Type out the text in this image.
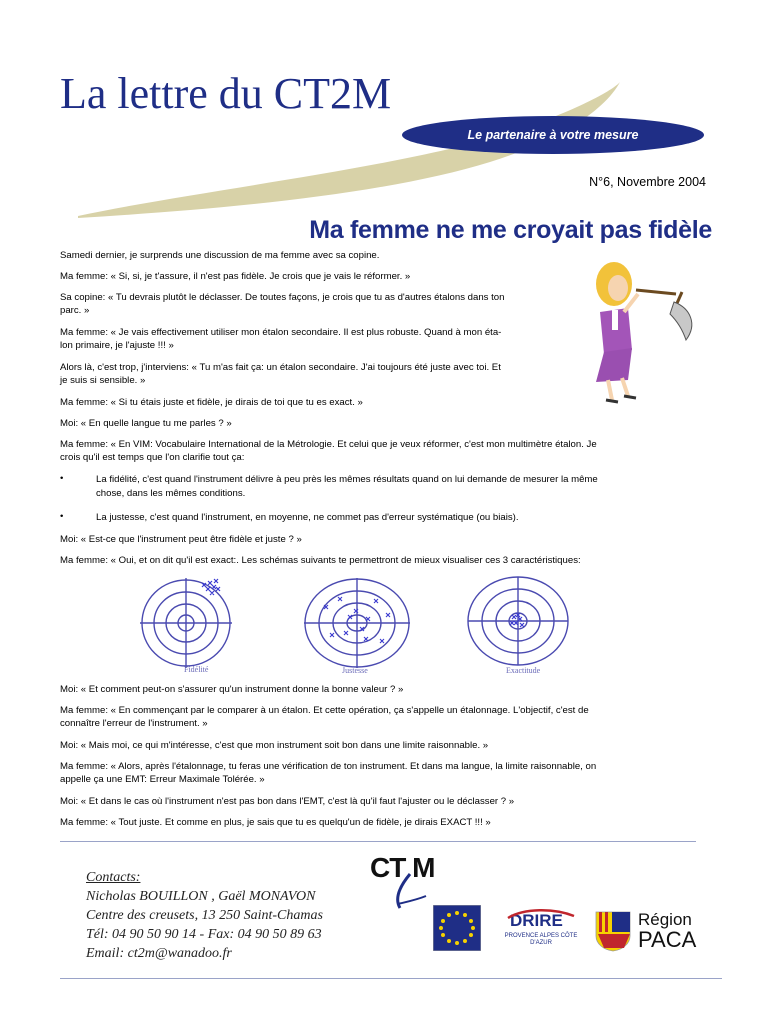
La lettre du CT2M
Le partenaire à votre mesure
N°6, Novembre 2004
Ma femme ne me croyait pas fidèle
Samedi dernier, je surprends une discussion de ma femme avec sa copine.
Ma femme: « Si, si, je t'assure, il n'est pas fidèle. Je crois que je vais le réformer. »
Sa copine: « Tu devrais plutôt le déclasser. De toutes façons, je crois que tu as d'autres étalons dans ton
parc. »
Ma femme: « Je vais effectivement utiliser mon étalon secondaire. Il est plus robuste. Quand à mon éta-
lon primaire, je l'ajuste !!! »
Alors là, c'est trop, j'interviens: « Tu m'as fait ça: un étalon secondaire. J'ai toujours été juste avec toi. Et
je suis si sensible. »
Ma femme: « Si tu étais juste et fidèle, je dirais de toi que tu es exact. »
Moi: « En quelle langue tu me parles ? »
Ma femme: « En VIM: Vocabulaire International de la Métrologie. Et celui que je veux réformer, c'est mon multimètre étalon. Je
crois qu'il est temps que l'on clarifie tout ça:
•	La fidélité, c'est quand l'instrument délivre à peu près les mêmes résultats quand on lui demande de mesurer la même
chose, dans les mêmes conditions.
•	La justesse, c'est quand l'instrument, en moyenne, ne commet pas d'erreur systématique (ou biais).
Moi: « Est-ce que l'instrument peut être fidèle et juste ? »
Ma femme: « Oui, et on dit qu'il est exact:. Les schémas suivants te permettront de mieux visualiser ces 3 caractéristiques:
Fidélité	Justesse	Exactitude
Moi: « Et comment peut-on s'assurer qu'un instrument donne la bonne valeur ? »
Ma femme: « En commençant par le comparer à un étalon. Et cette opération, ça s'appelle un étalonnage. L'objectif, c'est de
connaître l'erreur de l'instrument. »
Moi: « Mais moi, ce qui m'intéresse, c'est que mon instrument soit bon dans une limite raisonnable. »
Ma femme: « Alors, après l'étalonnage, tu feras une vérification de ton instrument. Et dans ma langue, la limite raisonnable, on
appelle ça une EMT: Erreur Maximale Tolérée. »
Moi: « Et dans le cas où l'instrument n'est pas bon dans l'EMT, c'est là qu'il faut l'ajuster ou le déclasser ? »
Ma femme: « Tout juste. Et comme en plus, je sais que tu es quelqu'un de fidèle, je dirais EXACT !!! »
Contacts:
Nicholas BOUILLON , Gaël MONAVON
Centre des creusets, 13 250 Saint-Chamas
Tél: 04 90 50 90 14 - Fax: 04 90 50 89 63
Email: ct2m@wanadoo.fr
CT M
DRIRE
PROVENCE ALPES CÔTE D'AZUR
Région
PACA
